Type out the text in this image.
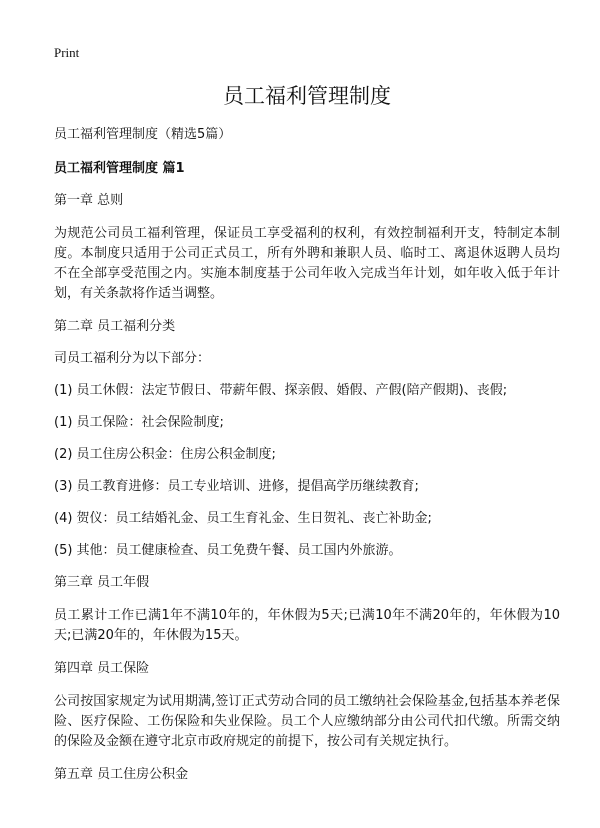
Print
员工福利管理制度
员工福利管理制度（精选5篇）
员工福利管理制度 篇1
第一章 总则

为规范公司员工福利管理，保证员工享受福利的权利，有效控制福利开支，特制定本制度。本制度只适用于公司正式员工，所有外聘和兼职人员、临时工、离退休返聘人员均不在全部享受范围之内。实施本制度基于公司年收入完成当年计划，如年收入低于年计划，有关条款将作适当调整。

第二章 员工福利分类
司员工福利分为以下部分：
(1) 员工休假：法定节假日、带薪年假、探亲假、婚假、产假(陪产假期)、丧假;
(1) 员工保险：社会保险制度;
(2) 员工住房公积金：住房公积金制度;
(3) 员工教育进修：员工专业培训、进修，提倡高学历继续教育;
(4) 贺仪：员工结婚礼金、员工生育礼金、生日贺礼、丧亡补助金;
(5) 其他：员工健康检查、员工免费午餐、员工国内外旅游。
第三章 员工年假

员工累计工作已满1年不满10年的，年休假为5天;已满10年不满20年的，年休假为10天;已满20年的，年休假为15天。

第四章 员工保险

公司按国家规定为试用期满,签订正式劳动合同的员工缴纳社会保险基金,包括基本养老保险、医疗保险、工伤保险和失业保险。员工个人应缴纳部分由公司代扣代缴。所需交纳的保险及金额在遵守北京市政府规定的前提下，按公司有关规定执行。

第五章 员工住房公积金
